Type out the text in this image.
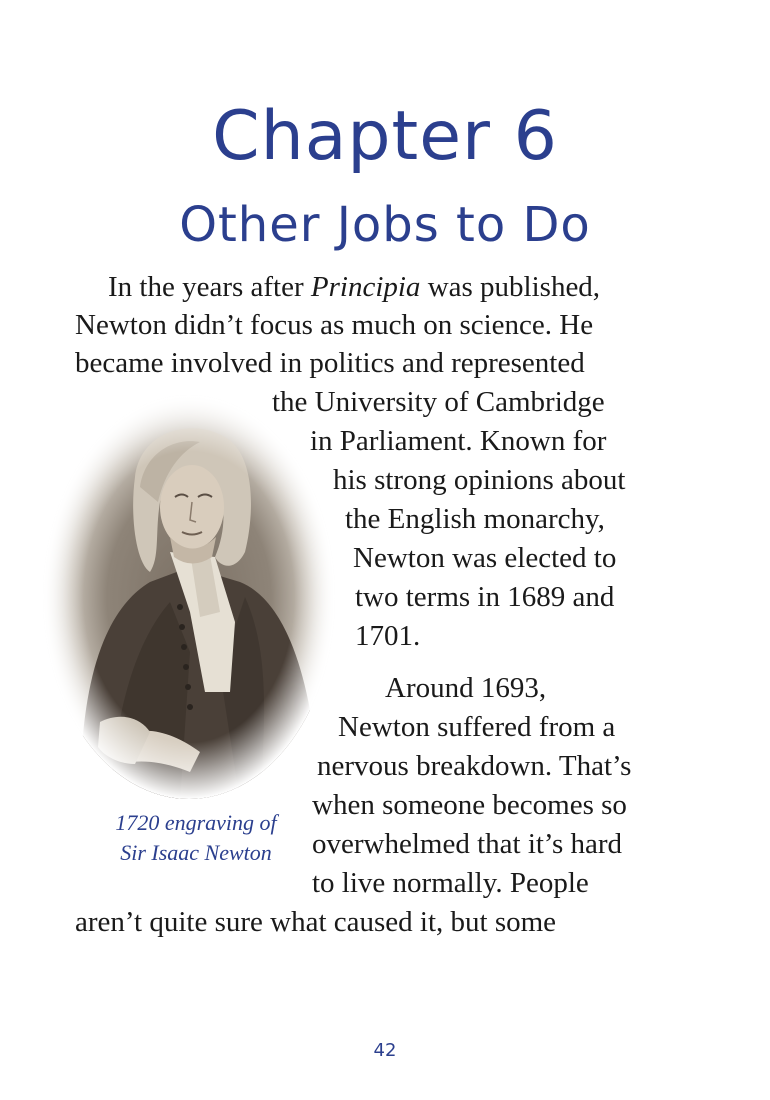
Chapter 6
Other Jobs to Do

In the years after Principia was published,

Newton didn’t focus as much on science. He

became involved in politics and represented

the University of Cambridge

in Parliament. Known for

his strong opinions about

the English monarchy,

Newton was elected to

two terms in 1689 and

1701.

Around 1693,

Newton suffered from a

nervous breakdown. That’s

when someone becomes so

overwhelmed that it’s hard

to live normally. People

aren’t quite sure what caused it, but some

1720 engraving of
Sir Isaac Newton
42
